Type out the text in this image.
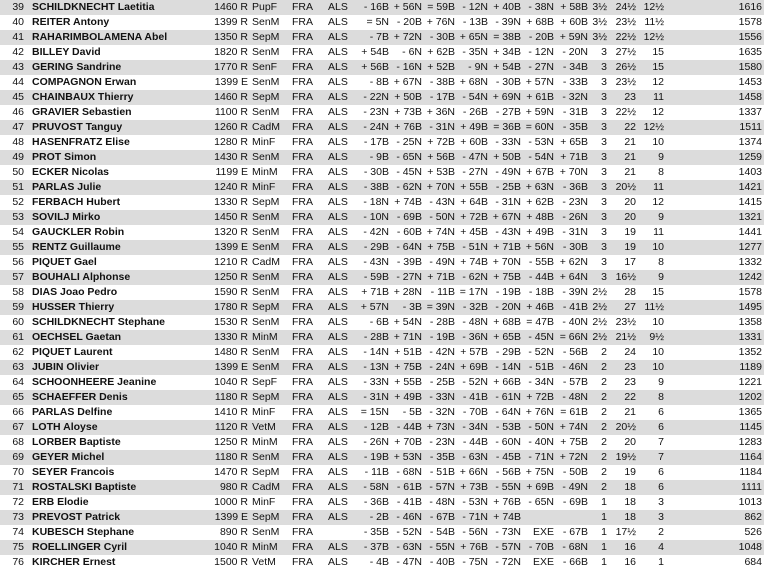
39	SCHILDKNECHT Laetitia	1460 R	PupF	FRA	ALS	- 16B	+ 56N	= 59B	- 12N	+ 40B	- 38N	+ 58B	3½	24½	12½	1616
40	REITER Antony	1399 R	SenM	FRA	ALS	= 5N	- 20B	+ 76N	- 13B	- 39N	+ 68B	+ 60B	3½	23½	11½	1578
41	RAHARIMBOLAMENA Abel	1350 R	SepM	FRA	ALS	- 7B	+ 72N	- 30B	+ 65N	= 38B	- 20B	+ 59N	3½	22½	12½	1556
42	BILLEY David	1820 R	SenM	FRA	ALS	+ 54B	- 6N	+ 62B	- 35N	+ 34B	- 12N	- 20N	3	27½	15	1635
43	GERING Sandrine	1770 R	SenF	FRA	ALS	+ 56B	- 16N	+ 52B	- 9N	+ 54B	- 27N	- 34B	3	26½	15	1580
44	COMPAGNON Erwan	1399 E	SenM	FRA	ALS	- 8B	+ 67N	- 38B	+ 68N	- 30B	+ 57N	- 33B	3	23½	12	1453
45	CHAINBAUX Thierry	1460 R	SepM	FRA	ALS	- 22N	+ 50B	- 17B	- 54N	+ 69N	+ 61B	- 32N	3	23	11	1458
46	GRAVIER Sebastien	1100 R	SenM	FRA	ALS	- 23N	+ 73B	+ 36N	- 26B	- 27B	+ 59N	- 31B	3	22½	12	1337
47	PRUVOST Tanguy	1260 R	CadM	FRA	ALS	- 24N	+ 76B	- 31N	+ 49B	= 36B	= 60N	- 35B	3	22	12½	1511
48	HASENFRATZ Elise	1280 R	MinF	FRA	ALS	- 17B	- 25N	+ 72B	+ 60B	- 33N	- 53N	+ 65B	3	21	10	1374
49	PROT Simon	1430 R	SenM	FRA	ALS	- 9B	- 65N	+ 56B	- 47N	+ 50B	- 54N	+ 71B	3	21	9	1259
50	ECKER Nicolas	1199 E	MinM	FRA	ALS	- 30B	- 45N	+ 53B	- 27N	- 49N	+ 67B	+ 70N	3	21	8	1403
51	PARLAS Julie	1240 R	MinF	FRA	ALS	- 38B	- 62N	+ 70N	+ 55B	- 25B	+ 63N	- 36B	3	20½	11	1421
52	FERBACH Hubert	1330 R	SepM	FRA	ALS	- 18N	+ 74B	- 43N	+ 64B	- 31N	+ 62B	- 23N	3	20	12	1415
53	SOVILJ Mirko	1450 R	SenM	FRA	ALS	- 10N	- 69B	- 50N	+ 72B	+ 67N	+ 48B	- 26N	3	20	9	1321
54	GAUCKLER Robin	1320 R	SenM	FRA	ALS	- 42N	- 60B	+ 74N	+ 45B	- 43N	+ 49B	- 31N	3	19	11	1441
55	RENTZ Guillaume	1399 E	SenM	FRA	ALS	- 29B	- 64N	+ 75B	- 51N	+ 71B	+ 56N	- 30B	3	19	10	1277
56	PIQUET Gael	1210 R	CadM	FRA	ALS	- 43N	- 39B	- 49N	+ 74B	+ 70N	- 55B	+ 62N	3	17	8	1332
57	BOUHALI Alphonse	1250 R	SenM	FRA	ALS	- 59B	- 27N	+ 71B	- 62N	+ 75B	- 44B	+ 64N	3	16½	9	1242
58	DIAS Joao Pedro	1590 R	SenM	FRA	ALS	+ 71B	+ 28N	- 11B	= 17N	- 19B	- 18B	- 39N	2½	28	15	1578
59	HUSSER Thierry	1780 R	SepM	FRA	ALS	+ 57N	- 3B	= 39N	- 32B	- 20N	+ 46B	- 41B	2½	27	11½	1495
60	SCHILDKNECHT Stephane	1530 R	SenM	FRA	ALS	- 6B	+ 54N	- 28B	- 48N	+ 68B	= 47B	- 40N	2½	23½	10	1358
61	OECHSEL Gaetan	1330 R	MinM	FRA	ALS	- 28B	+ 71N	- 19B	- 36N	+ 65B	- 45N	= 66N	2½	21½	9½	1331
62	PIQUET Laurent	1480 R	SenM	FRA	ALS	- 14N	+ 51B	- 42N	+ 57B	- 29B	- 52N	- 56B	2	24	10	1352
63	JUBIN Olivier	1399 E	SenM	FRA	ALS	- 13N	+ 75B	- 24N	+ 69B	- 14N	- 51B	- 46N	2	23	10	1189
64	SCHOONHEERE Jeanine	1040 R	SepF	FRA	ALS	- 33N	+ 55B	- 25B	- 52N	+ 66B	- 34N	- 57B	2	23	9	1221
65	SCHAEFFER Denis	1180 R	SepM	FRA	ALS	- 31N	+ 49B	- 33N	- 41B	- 61N	+ 72B	- 48N	2	22	8	1202
66	PARLAS Delfine	1410 R	MinF	FRA	ALS	= 15N	- 5B	- 32N	- 70B	- 64N	+ 76N	= 61B	2	21	6	1365
67	LOTH Aloyse	1120 R	VetM	FRA	ALS	- 12B	- 44B	+ 73N	- 34N	- 53B	- 50N	+ 74N	2	20½	6	1145
68	LORBER Baptiste	1250 R	MinM	FRA	ALS	- 26N	+ 70B	- 23N	- 44B	- 60N	- 40N	+ 75B	2	20	7	1283
69	GEYER Michel	1180 R	SenM	FRA	ALS	- 19B	+ 53N	- 35B	- 63N	- 45B	- 71N	+ 72N	2	19½	7	1164
70	SEYER Francois	1470 R	SepM	FRA	ALS	- 11B	- 68N	- 51B	+ 66N	- 56B	+ 75N	- 50B	2	19	6	1184
71	ROSTALSKI Baptiste	980 R	CadM	FRA	ALS	- 58N	- 61B	- 57N	+ 73B	- 55N	+ 69B	- 49N	2	18	6	1111
72	ERB Elodie	1000 R	MinF	FRA	ALS	- 36B	- 41B	- 48N	- 53N	+ 76B	- 65N	- 69B	1	18	3	1013
73	PREVOST Patrick	1399 E	SepM	FRA	ALS	- 2B	- 46N	- 67B	- 71N	+ 74B			1	18	3	862
74	KUBESCH Stephane	890 R	SenM	FRA		- 35B	- 52N	- 54B	- 56N	- 73N	EXE	- 67B	1	17½	2	526
75	ROELLINGER Cyril	1040 R	MinM	FRA	ALS	- 37B	- 63N	- 55N	+ 76B	- 57N	- 70B	- 68N	1	16	4	1048
76	KIRCHER Ernest	1500 R	VetM	FRA	ALS	- 4B	- 47N	- 40B	- 75N	- 72N	EXE	- 66B	1	16	1	684
